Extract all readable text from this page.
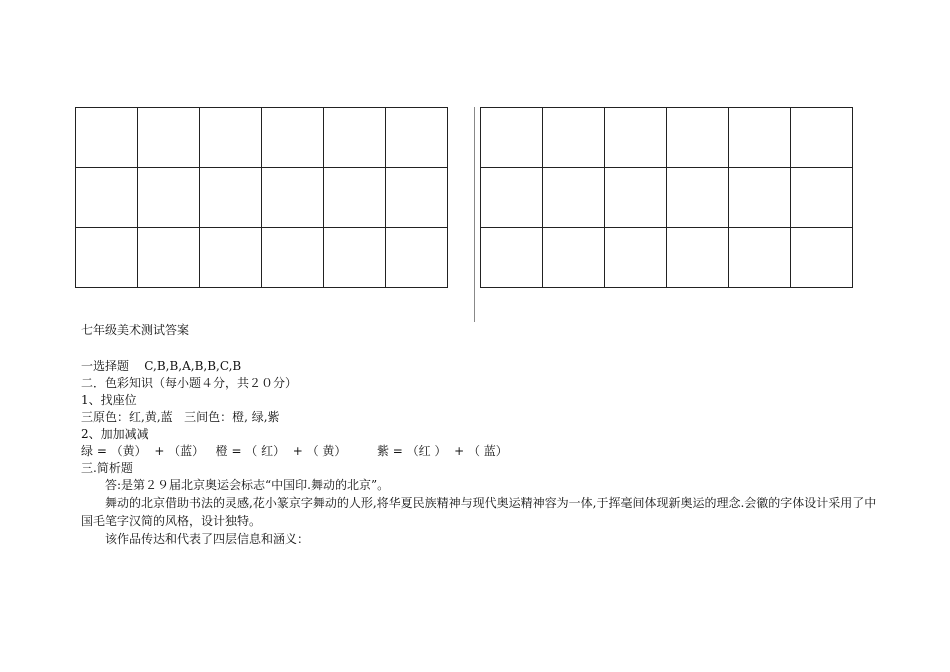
七年级美术测试答案
一选择题    C,B,B,A,B,B,C,B
二．色彩知识（每小题４分，共２０分）
1、找座位
三原色：红,黄,蓝   三间色：橙, 绿,紫
2、加加减减
绿 = （黄）  + （蓝）   橙 = （ 红）  + （ 黄）        紫 = （红 ）  + （ 蓝）
三.简析题
答:是第２９届北京奥运会标志“中国印.舞动的北京”。
舞动的北京借助书法的灵感,花小篆京字舞动的人形,将华夏民族精神与现代奥运精神容为一体,于挥毫间体现新奥运的理念.会徽的字体设计采用了中国毛笔字汉简的风格，设计独特。
该作品传达和代表了四层信息和涵义：
